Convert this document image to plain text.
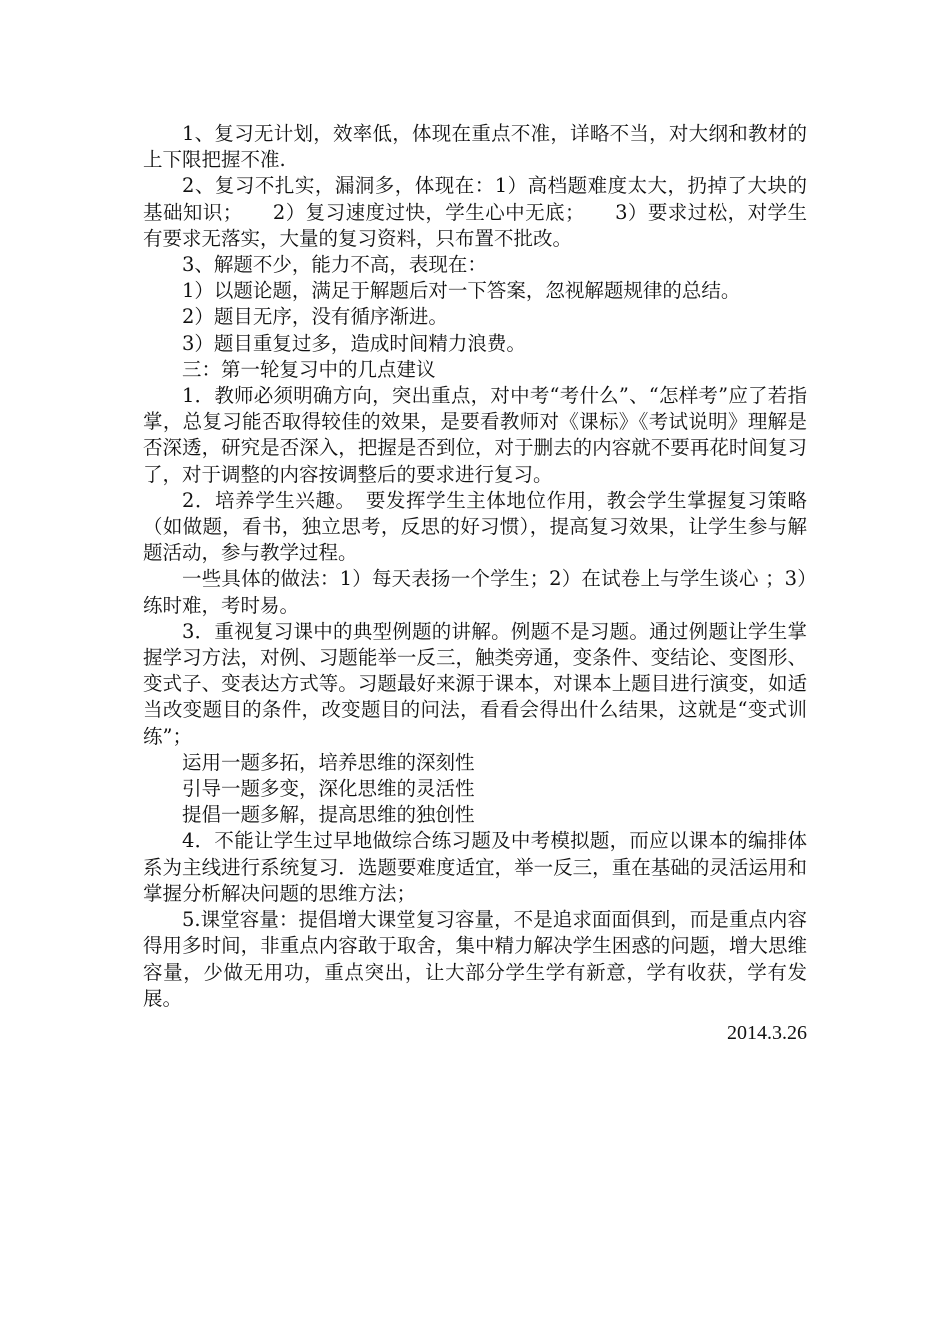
1、复习无计划，效率低，体现在重点不准，详略不当，对大纲和教材的上下限把握不准.

2、复习不扎实，漏洞多，体现在：1）高档题难度太大，扔掉了大块的基础知识；　　2）复习速度过快，学生心中无底；　　3）要求过松，对学生有要求无落实，大量的复习资料，只布置不批改。

3、解题不少，能力不高，表现在：

1）以题论题，满足于解题后对一下答案，忽视解题规律的总结。

2）题目无序，没有循序渐进。

3）题目重复过多，造成时间精力浪费。

三：第一轮复习中的几点建议

1．教师必须明确方向，突出重点，对中考“考什么”、“怎样考”应了若指掌，总复习能否取得较佳的效果，是要看教师对《课标》《考试说明》理解是否深透，研究是否深入，把握是否到位，对于删去的内容就不要再花时间复习了，对于调整的内容按调整后的要求进行复习。

2．培养学生兴趣。　要发挥学生主体地位作用，教会学生掌握复习策略（如做题，看书，独立思考，反思的好习惯），提高复习效果，让学生参与解题活动，参与教学过程。

一些具体的做法：1）每天表扬一个学生；2）在试卷上与学生谈心 ；3）练时难，考时易。

3．重视复习课中的典型例题的讲解。例题不是习题。通过例题让学生掌握学习方法，对例、习题能举一反三，触类旁通，变条件、变结论、变图形、变式子、变表达方式等。习题最好来源于课本，对课本上题目进行演变，如适当改变题目的条件，改变题目的问法，看看会得出什么结果，这就是“变式训练”；

运用一题多拓，培养思维的深刻性

引导一题多变，深化思维的灵活性

提倡一题多解，提高思维的独创性

4．不能让学生过早地做综合练习题及中考模拟题，而应以课本的编排体系为主线进行系统复习．选题要难度适宜，举一反三，重在基础的灵活运用和掌握分析解决问题的思维方法；

5.课堂容量：提倡增大课堂复习容量，不是追求面面俱到，而是重点内容得用多时间，非重点内容敢于取舍，集中精力解决学生困惑的问题，增大思维容量，少做无用功，重点突出，让大部分学生学有新意，学有收获，学有发展。

2014.3.26
